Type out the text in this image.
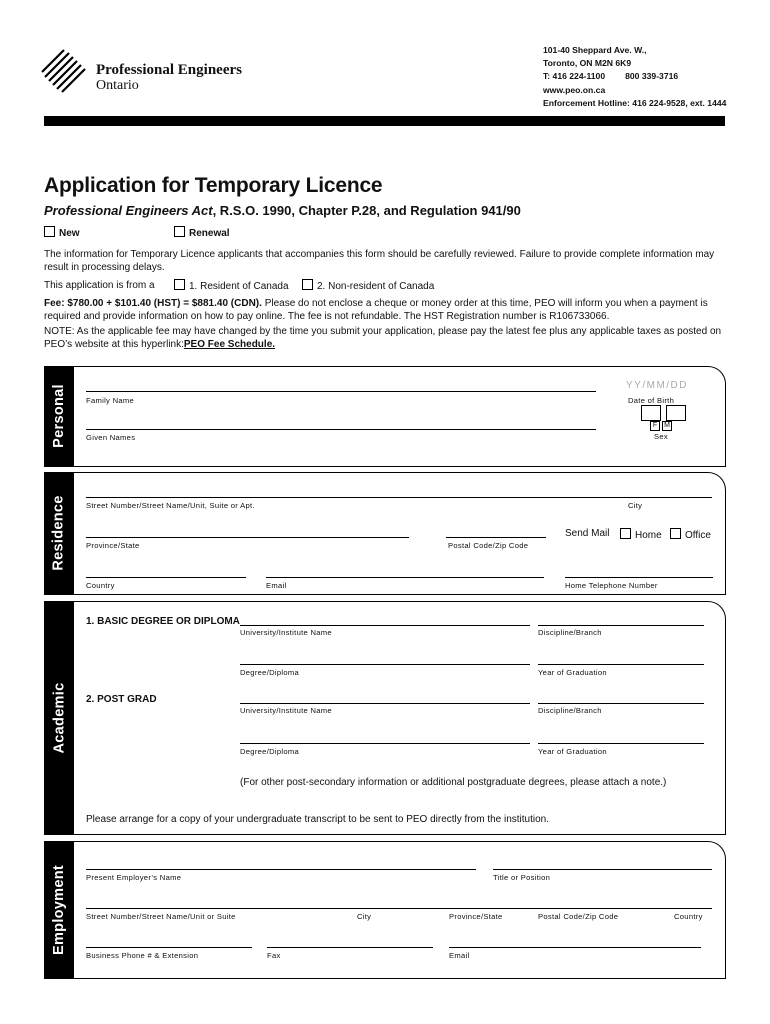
Professional Engineers
Ontario
101-40 Sheppard Ave. W.,
Toronto, ON M2N 6K9
T: 416 224-1100 800 339-3716
www.peo.on.ca
Enforcement Hotline: 416 224-9528, ext. 1444
Application for Temporary Licence
Professional Engineers Act, R.S.O. 1990, Chapter P.28, and Regulation 941/90
New	Renewal
The information for Temporary Licence applicants that accompanies this form should be carefully reviewed. Failure to provide complete information may result in processing delays.
This application is from a	1. Resident of Canada	2. Non-resident of Canada
Fee: $780.00 + $101.40 (HST) = $881.40 (CDN). Please do not enclose a cheque or money order at this time, PEO will inform you when a payment is required and provide information on how to pay online. The fee is not refundable. The HST Registration number is R106733066.
NOTE: As the applicable fee may have changed by the time you submit your application, please pay the latest fee plus any applicable taxes as posted on PEO’s website at this hyperlink:PEO Fee Schedule.
Personal	Family Name
Given Names
YY/MM/DD
Date of Birth
F M
Sex
Residence	Street Number/Street Name/Unit, Suite or Apt.	City
Province/State	Postal Code/Zip Code
Send Mail	Home	Office
Country	Email	Home Telephone Number
Academic
1. BASIC DEGREE OR DIPLOMA
University/Institute Name	Discipline/Branch
Degree/Diploma	Year of Graduation
2. POST GRAD
University/Institute Name	Discipline/Branch
Degree/Diploma	Year of Graduation
(For other post-secondary information or additional postgraduate degrees, please attach a note.)
Please arrange for a copy of your undergraduate transcript to be sent to PEO directly from the institution.
Employment Present Employer’s Name	Title or Position
Street Number/Street Name/Unit or Suite	City	Province/State	Postal Code/Zip Code	Country
Business Phone # & Extension	Fax	Email
